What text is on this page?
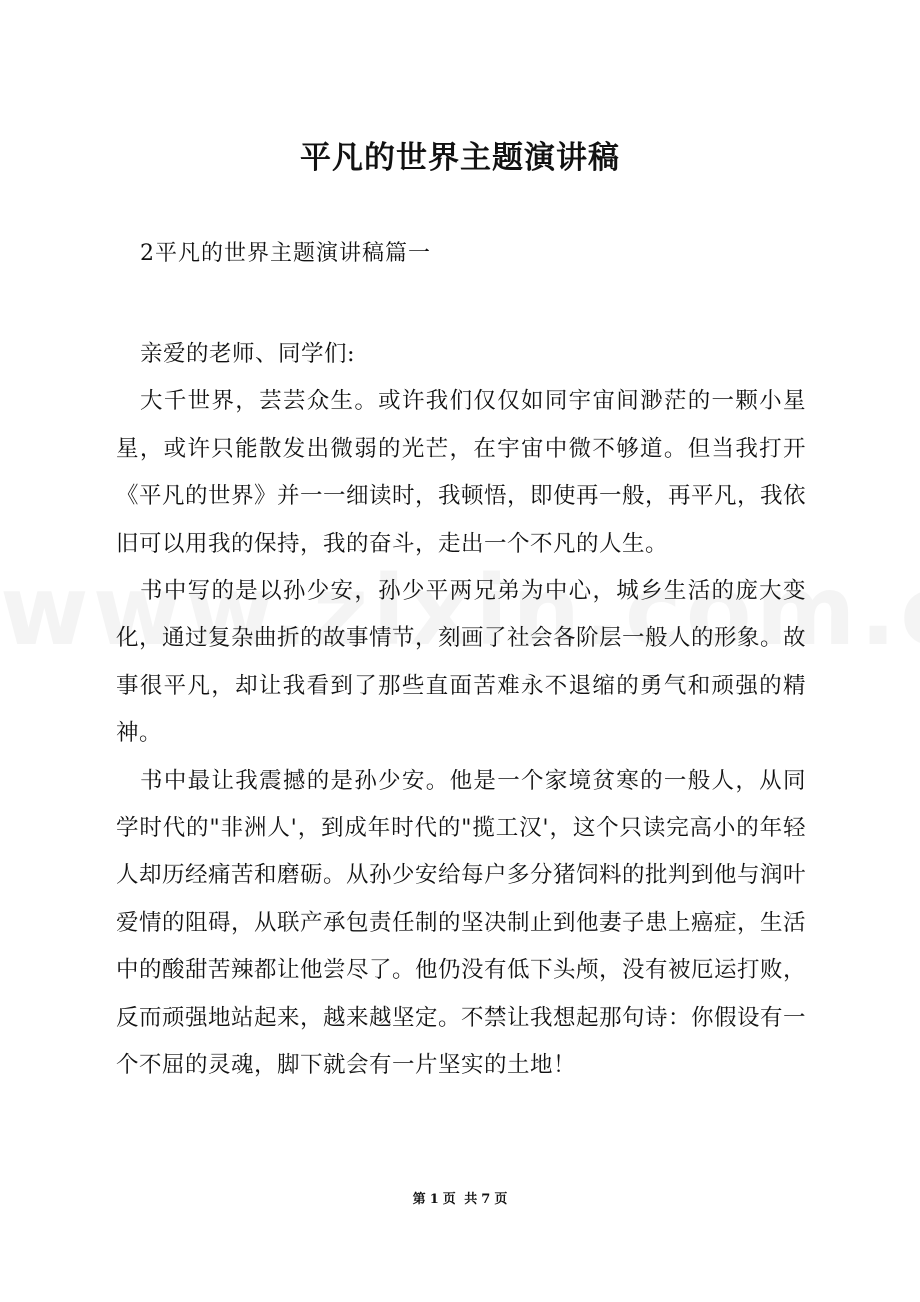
平凡的世界主题演讲稿
2平凡的世界主题演讲稿篇一

亲爱的老师、同学们:

大千世界，芸芸众生。或许我们仅仅如同宇宙间渺茫的一颗小星星，或许只能散发出微弱的光芒，在宇宙中微不够道。但当我打开《平凡的世界》并一一细读时，我顿悟，即使再一般，再平凡，我依旧可以用我的保持，我的奋斗，走出一个不凡的人生。

书中写的是以孙少安，孙少平两兄弟为中心，城乡生活的庞大变化，通过复杂曲折的故事情节，刻画了社会各阶层一般人的形象。故事很平凡，却让我看到了那些直面苦难永不退缩的勇气和顽强的精神。

书中最让我震撼的是孙少安。他是一个家境贫寒的一般人，从同学时代的"非洲人'，到成年时代的"揽工汉'，这个只读完高小的年轻人却历经痛苦和磨砺。从孙少安给每户多分猪饲料的批判到他与润叶爱情的阻碍，从联产承包责任制的坚决制止到他妻子患上癌症，生活中的酸甜苦辣都让他尝尽了。他仍没有低下头颅，没有被厄运打败，反而顽强地站起来，越来越坚定。不禁让我想起那句诗：你假设有一个不屈的灵魂，脚下就会有一片坚实的土地！

第 1 页 共 7 页
